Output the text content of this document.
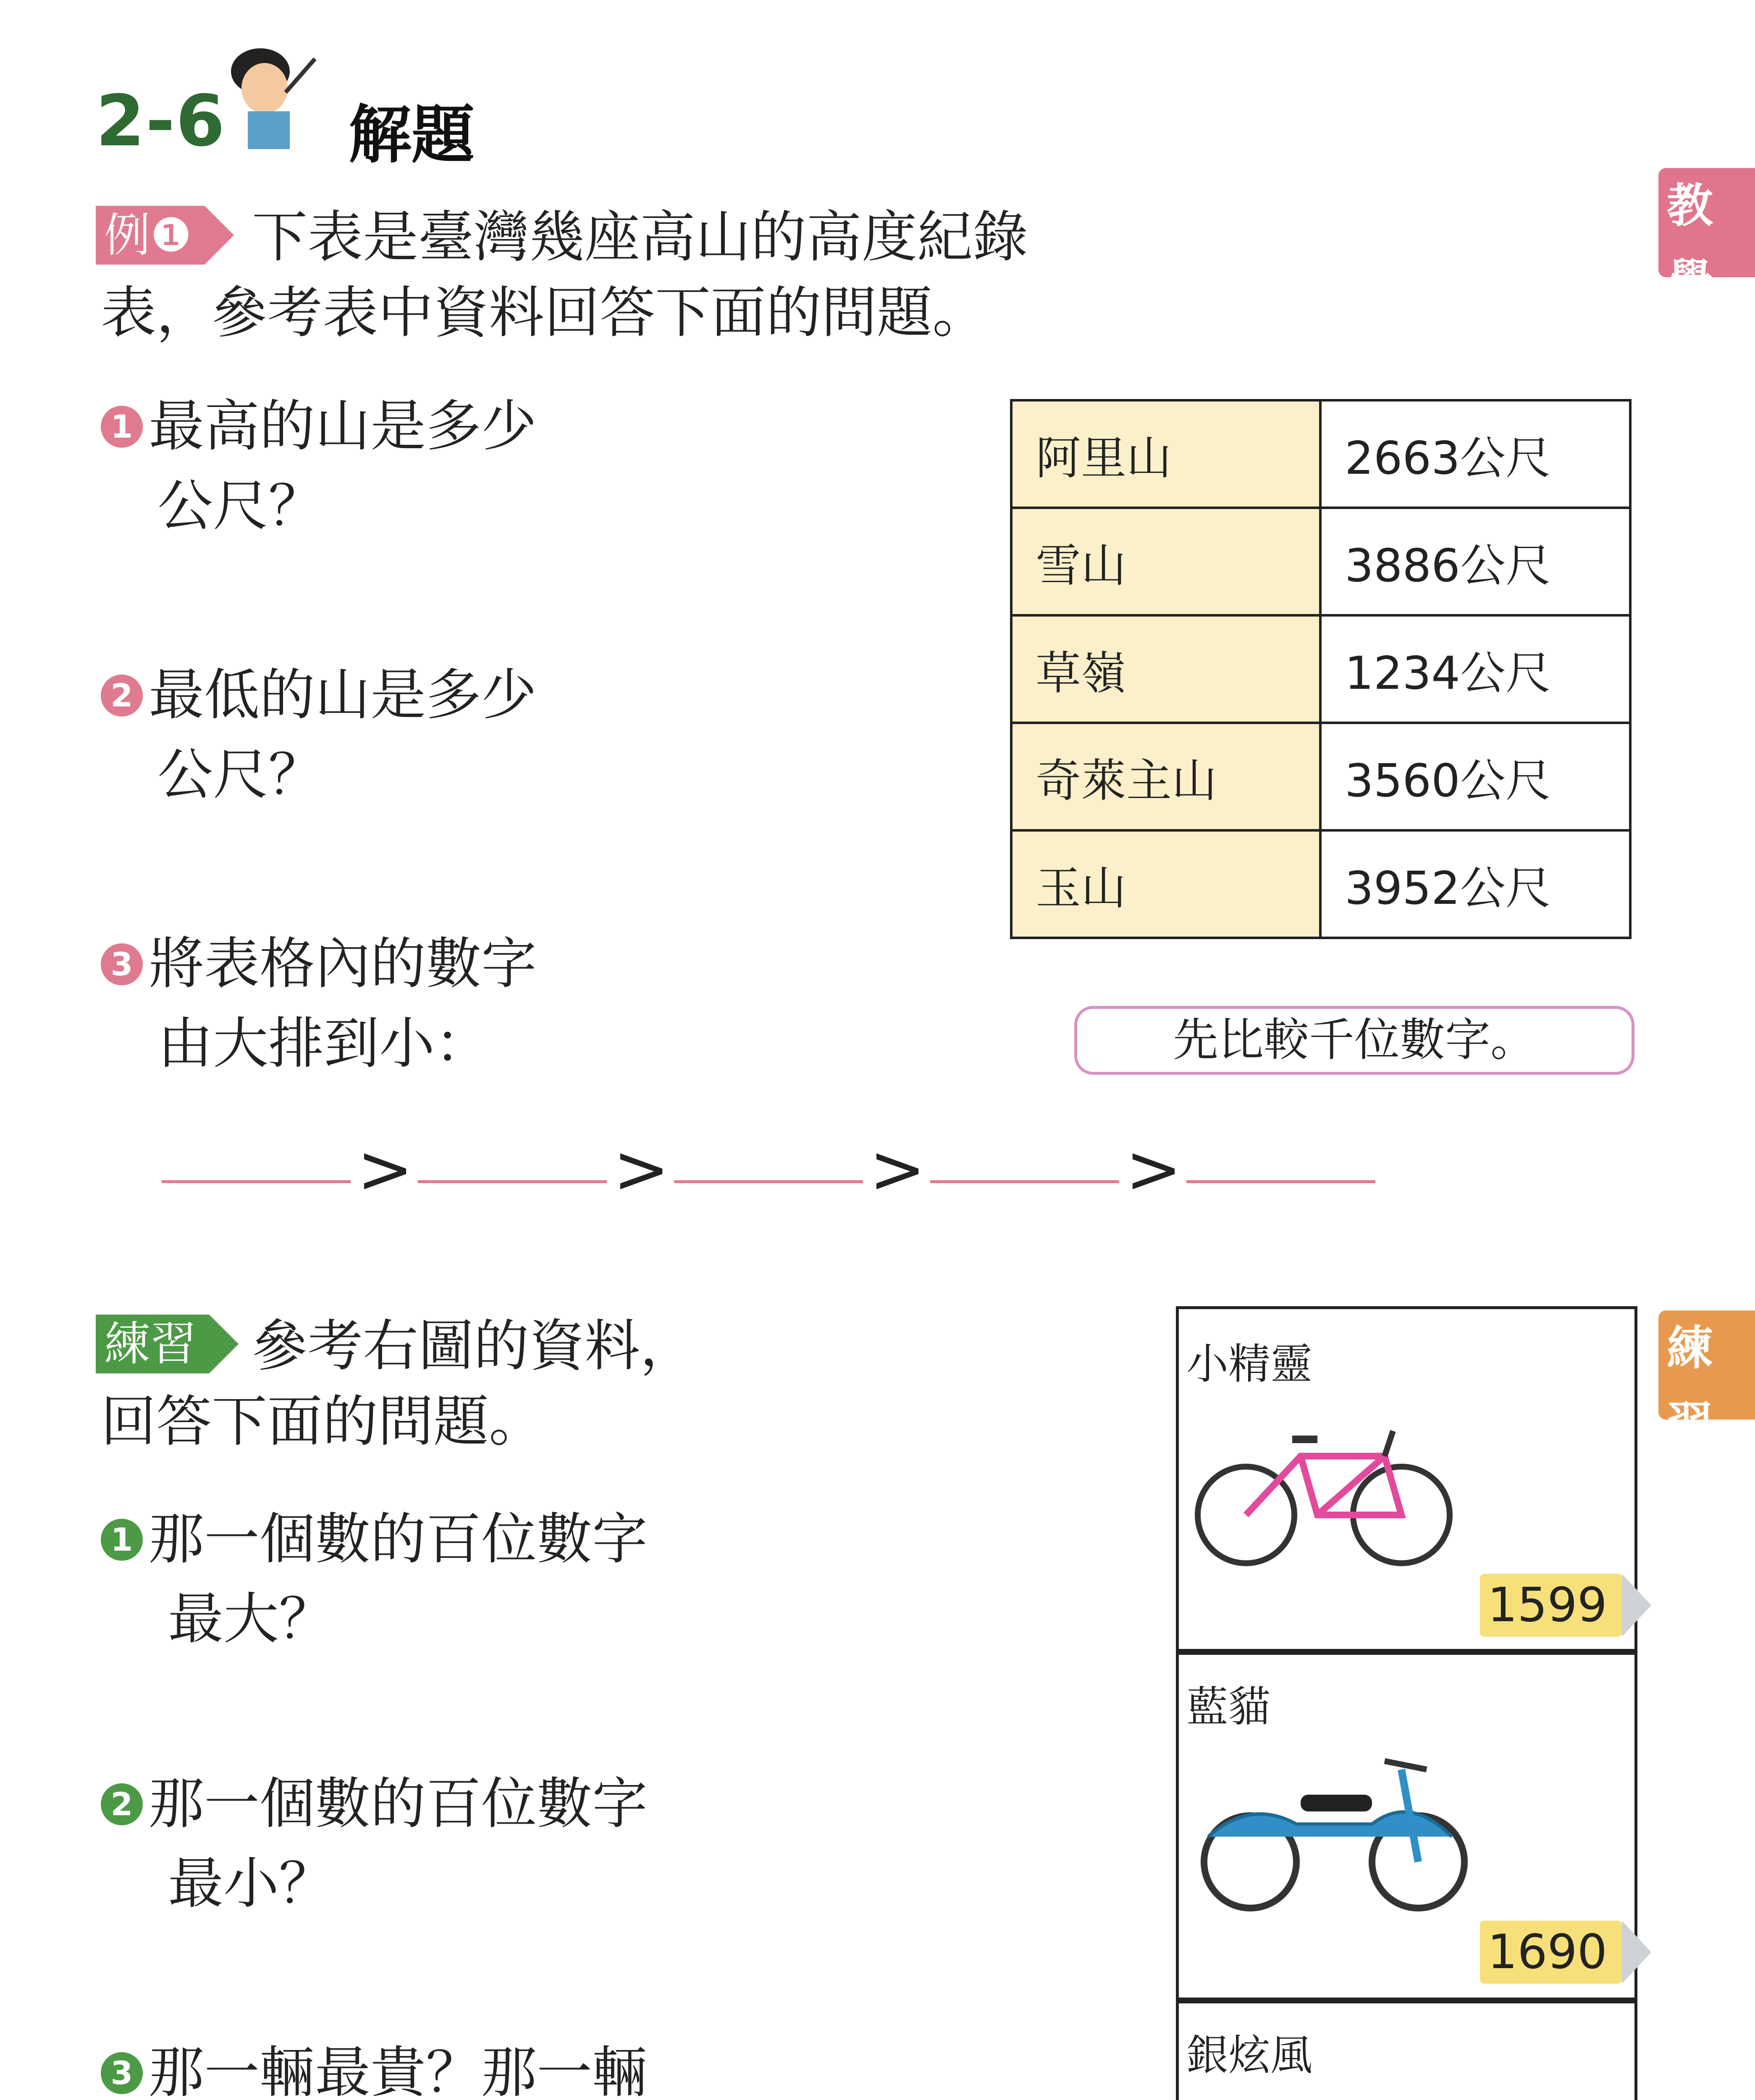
2-6 解題
教學
練習
例❶ 下表是臺灣幾座高山的高度紀錄
表，參考表中資料回答下面的問題。
1 最高的山是多少
公尺？
2 最低的山是多少
公尺？
3 將表格內的數字
由大排到小：
阿里山	2663公尺
雪山	3886公尺
草嶺	1234公尺
奇萊主山	3560公尺
玉山	3952公尺
先比較千位數字。
>	>	>	>
練習 參考右圖的資料，
回答下面的問題。
1 那一個數的百位數字
最大？
2 那一個數的百位數字
最小？
3 那一輛最貴？那一輛

小精靈
1599
藍貓
1690
銀炫風
